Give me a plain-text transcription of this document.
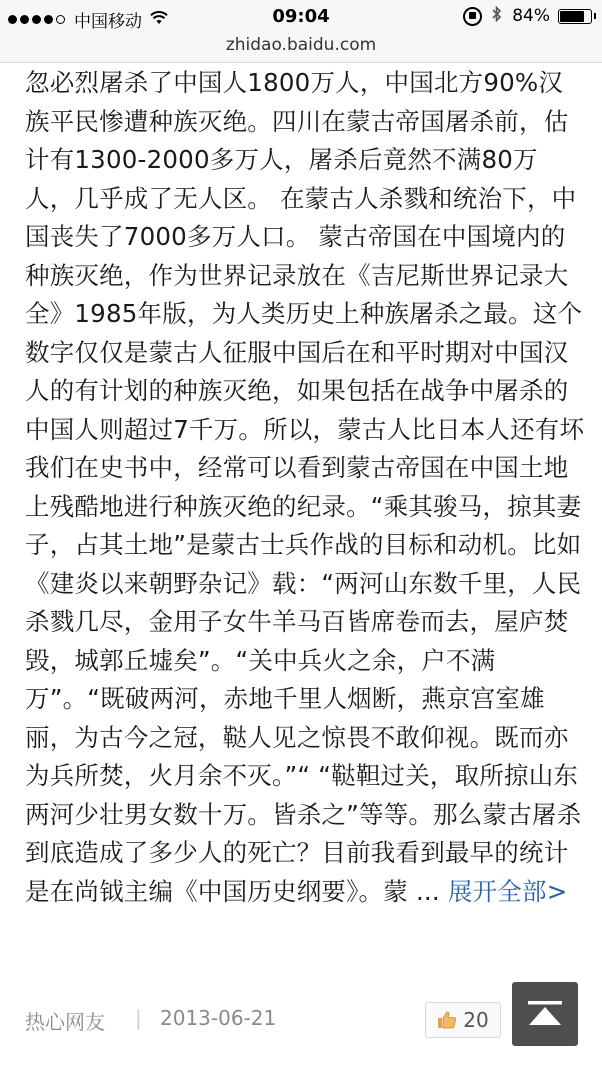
中国移动	09:04	84%
zhidao.baidu.com

忽必烈屠杀了中国人1800万人，中国北方90%汉族平民惨遭种族灭绝。四川在蒙古帝国屠杀前，估计有1300-2000多万人，屠杀后竟然不满80万人，几乎成了无人区。 在蒙古人杀戮和统治下，中国丧失了7000多万人口。 蒙古帝国在中国境内的种族灭绝，作为世界记录放在《吉尼斯世界记录大全》1985年版，为人类历史上种族屠杀之最。这个数字仅仅是蒙古人征服中国后在和平时期对中国汉人的有计划的种族灭绝，如果包括在战争中屠杀的中国人则超过7千万。所以，蒙古人比日本人还有坏

我们在史书中，经常可以看到蒙古帝国在中国土地上残酷地进行种族灭绝的纪录。“乘其骏马，掠其妻子，占其土地”是蒙古士兵作战的目标和动机。比如《建炎以来朝野杂记》载：“两河山东数千里，人民杀戮几尽，金用子女牛羊马百皆席卷而去，屋庐焚毁，城郭丘墟矣”。“关中兵火之余，户不满万”。“既破两河，赤地千里人烟断，燕京宫室雄丽，为古今之冠，鞑人见之惊畏不敢仰视。既而亦为兵所焚，火月余不灭。”“ “鞑靼过关，取所掠山东两河少壮男女数十万。皆杀之”等等。那么蒙古屠杀到底造成了多少人的死亡？目前我看到最早的统计是在尚钺主编《中国历史纲要》。蒙 ... 展开全部>

热心网友 | 2013-06-21	20
